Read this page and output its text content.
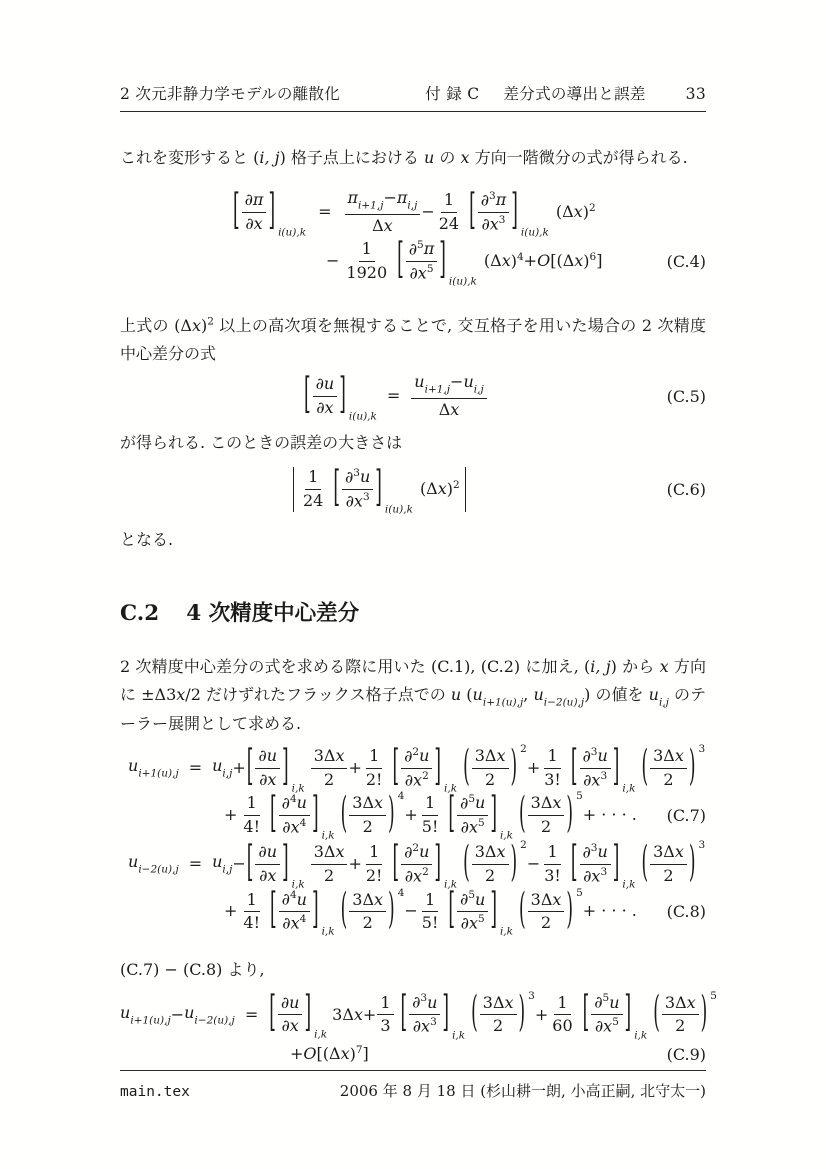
2 次元非静力学モデルの離散化	付 録 C 差分式の導出と誤差	33
これを変形すると (i, j) 格子点上における u の x 方向一階微分の式が得られる.
[ $\frac{\partial\pi}{\partial x}$ ] i(u),k
= $\frac{\pi_{i+1,j} - \pi_{i,j}}{\text{Δ x}} - \frac{1}{24}$ [ $\frac{\partial^3 \pi}{\partial x^3}$ ] i(u),k
(Δ x )$^2$
− $\frac{1}{1920}$ [ $\frac{\partial^5 \pi}{\partial x^5}$ ] i(u),k
(Δ x )$^4$ + O [(Δ x )$^6$ ]	(C.4)
上式の $(\Delta x)^2$ 以上の高次項を無視することで, 交互格子を用いた場合の 2 次精度中心差分の式
[ $\frac{\partial u}{\partial x}$ ] i(u),k
= $\frac{u_{i+1,j} - u_{i,j}}{\text{Δ x}}$	(C.5)
が得られる. このときの誤差の大きさは
$\frac{1}{24}$ [ $\frac{\partial^3 u}{\partial x^3}$ ] i(u),k
(Δ x )$^2$	(C.6)
となる.
C.2 4 次精度中心差分
2 次精度中心差分の式を求める際に用いた (C.1), (C.2) に加え, (i, j) から x 方向に ±Δ3x/2 だけずれたフラックス格子点での u ($u_{i+1(u),j}$, $u_{i-2(u),j}$) の値を $u_{i,j}$ のテーラー展開として求める.
$u_{i+1(u),j} = u_{i,j}$ + [ $\frac{\partial u}{\partial x}$ ] $i,k \frac{\text{3Δ x}}{2} + \frac{1}{2!}$ [ $\frac{\partial^2 u}{\partial x^2}$ ] i,k ( $\frac{\text{3Δ x}}{2}$ ) 2
+ $\frac{1}{3!}$ [ $\frac{\partial^3 u}{\partial x^3}$ ] i,k ( $\frac{\text{3Δ x}}{2}$ ) 3
+ $\frac{1}{4!}$ [ $\frac{\partial^4 u}{\partial x^4}$ ] i,k ( $\frac{\text{3Δ x}}{2}$ ) 4
+ $\frac{1}{5!}$ [ $\frac{\partial^5 u}{\partial x^5}$ ] i,k ( $\frac{\text{3Δ x}}{2}$ ) 5
+ · · · .	(C.7)
$u_{i-2(u),j} = u_{i,j}$ − [ $\frac{\partial u}{\partial x}$ ] $i,k \frac{\text{3Δ x}}{2} + \frac{1}{2!}$ [ $\frac{\partial^2 u}{\partial x^2}$ ] i,k ( $\frac{\text{3Δ x}}{2}$ ) 2
− $\frac{1}{3!}$ [ $\frac{\partial^3 u}{\partial x^3}$ ] i,k ( $\frac{\text{3Δ x}}{2}$ ) 3
+ $\frac{1}{4!}$ [ $\frac{\partial^4 u}{\partial x^4}$ ] i,k ( $\frac{\text{3Δ x}}{2}$ ) 4
− $\frac{1}{5!}$ [ $\frac{\partial^5 u}{\partial x^5}$ ] i,k ( $\frac{\text{3Δ x}}{2}$ ) 5
+ · · · .	(C.8)
(C.7) − (C.8) より,
$u_{i+1(u),j} - u_{i-2(u),j}$ = [ $\frac{\partial u}{\partial x}$ ] i,k
3Δ $x + \frac{1}{3}$ [ $\frac{\partial^3 u}{\partial x^3}$ ] i,k ( $\frac{\text{3Δ x}}{2}$ ) 3
+ $\frac{1}{60}$ [ $\frac{\partial^5 u}{\partial x^5}$ ] i,k ( $\frac{\text{3Δ x}}{2}$ ) 5
+ O [(Δ x )$^7$ ]	(C.9)
main.tex	2006 年 8 月 18 日 (杉山耕一朗, 小高正嗣, 北守太一)
